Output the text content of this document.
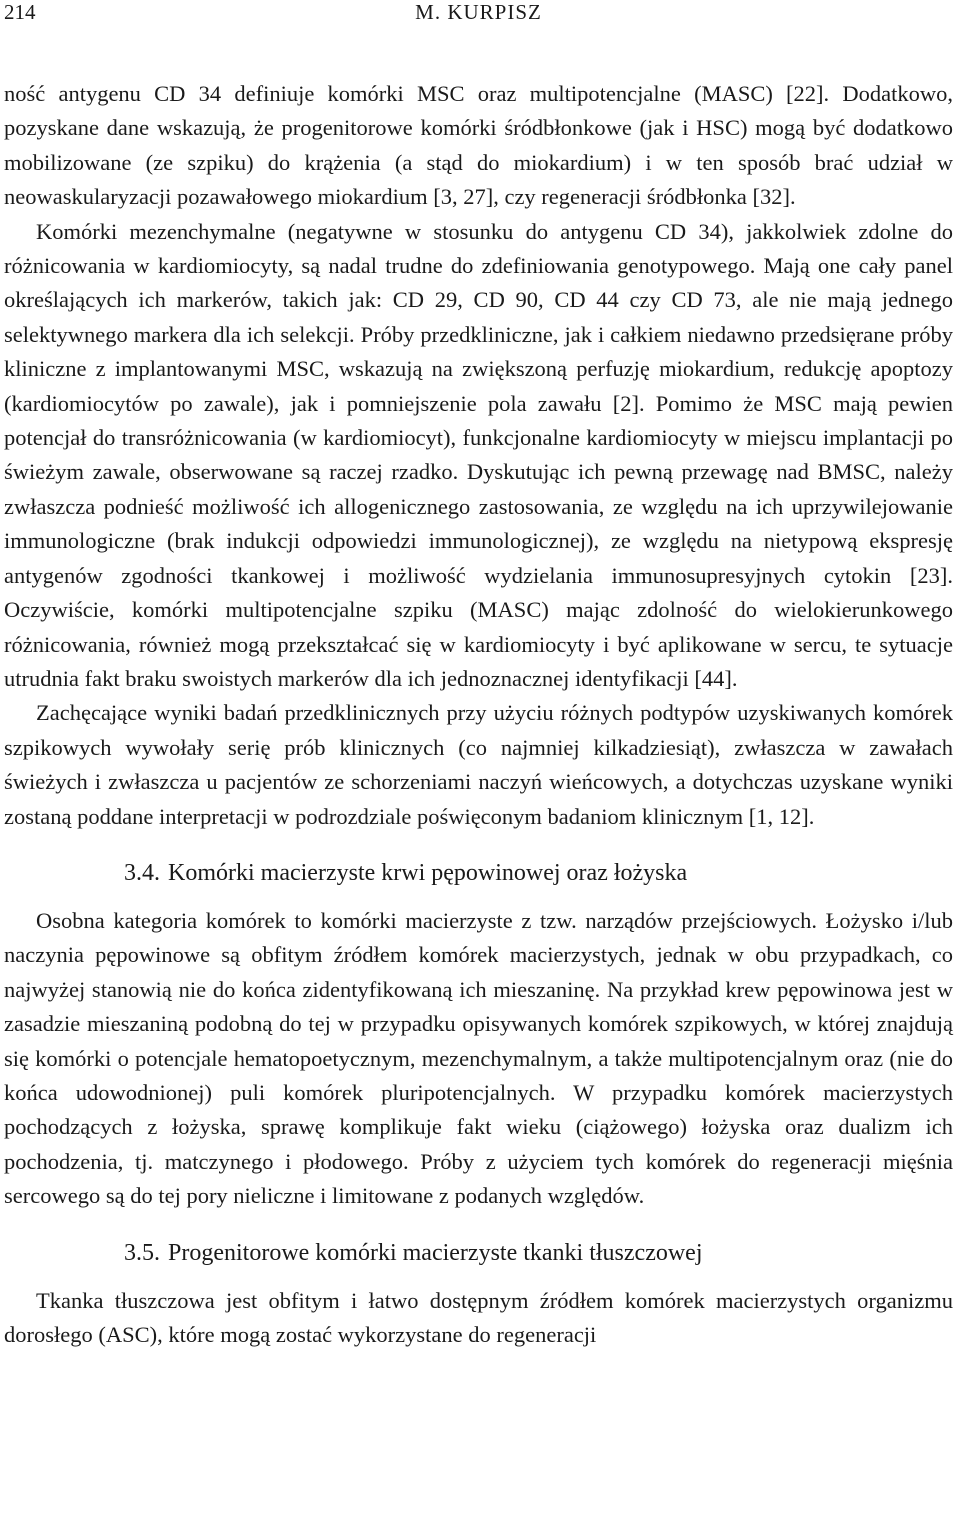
214	M. KURPISZ

ność antygenu CD 34 definiuje komórki MSC oraz multipotencjalne (MASC) [22]. Dodatkowo, pozyskane dane wskazują, że progenitorowe komórki śródbłonkowe (jak i HSC) mogą być dodatkowo mobilizowane (ze szpiku) do krążenia (a stąd do miokardium) i w ten sposób brać udział w neowaskularyzacji pozawałowego miokardium [3, 27], czy regeneracji śródbłonka [32].

Komórki mezenchymalne (negatywne w stosunku do antygenu CD 34), jakkolwiek zdolne do różnicowania w kardiomiocyty, są nadal trudne do zdefiniowania genotypowego. Mają one cały panel określających ich markerów, takich jak: CD 29, CD 90, CD 44 czy CD 73, ale nie mają jednego selektywnego markera dla ich selekcji. Próby przedkliniczne, jak i całkiem niedawno przedsięrane próby kliniczne z implantowanymi MSC, wskazują na zwiększoną perfuzję miokardium, redukcję apoptozy (kardiomiocytów po zawale), jak i pomniejszenie pola zawału [2]. Pomimo że MSC mają pewien potencjał do transróżnicowania (w kardiomiocyt), funkcjonalne kardiomiocyty w miejscu implantacji po świeżym zawale, obserwowane są raczej rzadko. Dyskutując ich pewną przewagę nad BMSC, należy zwłaszcza podnieść możliwość ich allogenicznego zastosowania, ze względu na ich uprzywilejowanie immunologiczne (brak indukcji odpowiedzi immunologicznej), ze względu na nietypową ekspresję antygenów zgodności tkankowej i możliwość wydzielania immunosupresyjnych cytokin [23]. Oczywiście, komórki multipotencjalne szpiku (MASC) mając zdolność do wielokierunkowego różnicowania, również mogą przekształcać się w kardiomiocyty i być aplikowane w sercu, te sytuacje utrudnia fakt braku swoistych markerów dla ich jednoznacznej identyfikacji [44].

Zachęcające wyniki badań przedklinicznych przy użyciu różnych podtypów uzyskiwanych komórek szpikowych wywołały serię prób klinicznych (co najmniej kilkadziesiąt), zwłaszcza w zawałach świeżych i zwłaszcza u pacjentów ze schorzeniami naczyń wieńcowych, a dotychczas uzyskane wyniki zostaną poddane interpretacji w podrozdziale poświęconym badaniom klinicznym [1, 12].

3.4. Komórki macierzyste krwi pępowinowej oraz łożyska

Osobna kategoria komórek to komórki macierzyste z tzw. narządów przejściowych. Łożysko i/lub naczynia pępowinowe są obfitym źródłem komórek macierzystych, jednak w obu przypadkach, co najwyżej stanowią nie do końca zidentyfikowaną ich mieszaninę. Na przykład krew pępowinowa jest w zasadzie mieszaniną podobną do tej w przypadku opisywanych komórek szpikowych, w której znajdują się komórki o potencjale hematopoetycznym, mezenchymalnym, a także multipotencjalnym oraz (nie do końca udowodnionej) puli komórek pluripotencjalnych. W przypadku komórek macierzystych pochodzących z łożyska, sprawę komplikuje fakt wieku (ciążowego) łożyska oraz dualizm ich pochodzenia, tj. matczynego i płodowego. Próby z użyciem tych komórek do regeneracji mięśnia sercowego są do tej pory nieliczne i limitowane z podanych względów.

3.5. Progenitorowe komórki macierzyste tkanki tłuszczowej

Tkanka tłuszczowa jest obfitym i łatwo dostępnym źródłem komórek macierzystych organizmu dorosłego (ASC), które mogą zostać wykorzystane do regeneracji
